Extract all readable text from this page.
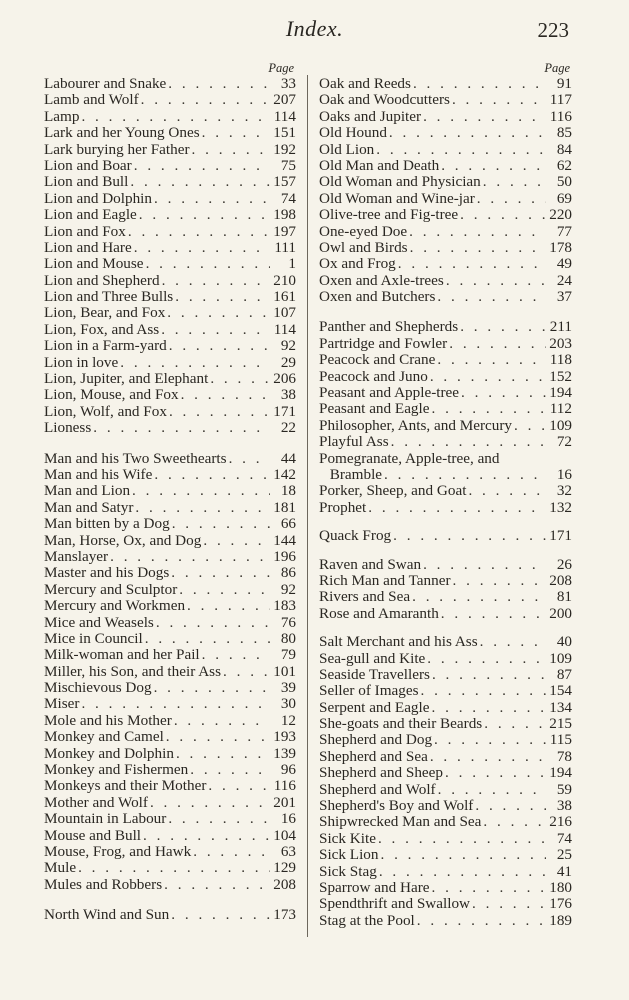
Index.	223
Page
Labourer and Snake . . .	33
Lamb and Wolf . . .	207
Lamp . . .	114
Lark and her Young Ones . . .	151
Lark burying her Father . . .	192
Lion and Boar . . .	75
Lion and Bull . . .	157
Lion and Dolphin . . .	74
Lion and Eagle . . .	198
Lion and Fox . . .	197
Lion and Hare . . .	111
Lion and Mouse . . .	1
Lion and Shepherd . . .	210
Lion and Three Bulls . . .	161
Lion, Bear, and Fox . . .	107
Lion, Fox, and Ass . . .	114
Lion in a Farm-yard . . .	92
Lion in love . . .	29
Lion, Jupiter, and Elephant . . .	206
Lion, Mouse, and Fox . . .	38
Lion, Wolf, and Fox . . .	171
Lioness . . .	22
Man and his Two Sweethearts . . .	44
Man and his Wife . . .	142
Man and Lion . . .	18
Man and Satyr . . .	181
Man bitten by a Dog . . .	66
Man, Horse, Ox, and Dog . . .	144
Manslayer . . .	196
Master and his Dogs . . .	86
Mercury and Sculptor . . .	92
Mercury and Workmen . . .	183
Mice and Weasels . . .	76
Mice in Council . . .	80
Milk-woman and her Pail . . .	79
Miller, his Son, and their Ass . . .	101
Mischievous Dog . . .	39
Miser . . .	30
Mole and his Mother . . .	12
Monkey and Camel . . .	193
Monkey and Dolphin . . .	139
Monkey and Fishermen . . .	96
Monkeys and their Mother . . .	116
Mother and Wolf . . .	201
Mountain in Labour . . .	16
Mouse and Bull . . .	104
Mouse, Frog, and Hawk . . .	63
Mule . . .	129
Mules and Robbers . . .	208
North Wind and Sun . . .	173
Page
Oak and Reeds . . .	91
Oak and Woodcutters . . .	117
Oaks and Jupiter . . .	116
Old Hound . . .	85
Old Lion . . .	84
Old Man and Death . . .	62
Old Woman and Physician . . .	50
Old Woman and Wine-jar . . .	69
Olive-tree and Fig-tree . . .	220
One-eyed Doe . . .	77
Owl and Birds . . .	178
Ox and Frog . . .	49
Oxen and Axle-trees . . .	24
Oxen and Butchers . . .	37
Panther and Shepherds . . .	211
Partridge and Fowler . . .	203
Peacock and Crane . . .	118
Peacock and Juno . . .	152
Peasant and Apple-tree . . .	194
Peasant and Eagle . . .	112
Philosopher, Ants, and Mercury . . . 109
Playful Ass . . .	72
Pomegranate, Apple-tree, and
Bramble . . .	16
Porker, Sheep, and Goat . . .	32
Prophet . . .	132
Quack Frog . . .	171
Raven and Swan . . .	26
Rich Man and Tanner . . .	208
Rivers and Sea . . .	81
Rose and Amaranth . . .	200
Salt Merchant and his Ass . . .	40
Sea-gull and Kite . . .	109
Seaside Travellers . . .	87
Seller of Images . . .	154
Serpent and Eagle . . .	134
She-goats and their Beards . . .	215
Shepherd and Dog . . .	115
Shepherd and Sea . . .	78
Shepherd and Sheep . . .	194
Shepherd and Wolf . . .	59
Shepherd's Boy and Wolf . . .	38
Shipwrecked Man and Sea . . .	216
Sick Kite . . .	74
Sick Lion . . .	25
Sick Stag . . .	41
Sparrow and Hare . . .	180
Spendthrift and Swallow . . .	176
Stag at the Pool . . .	189
